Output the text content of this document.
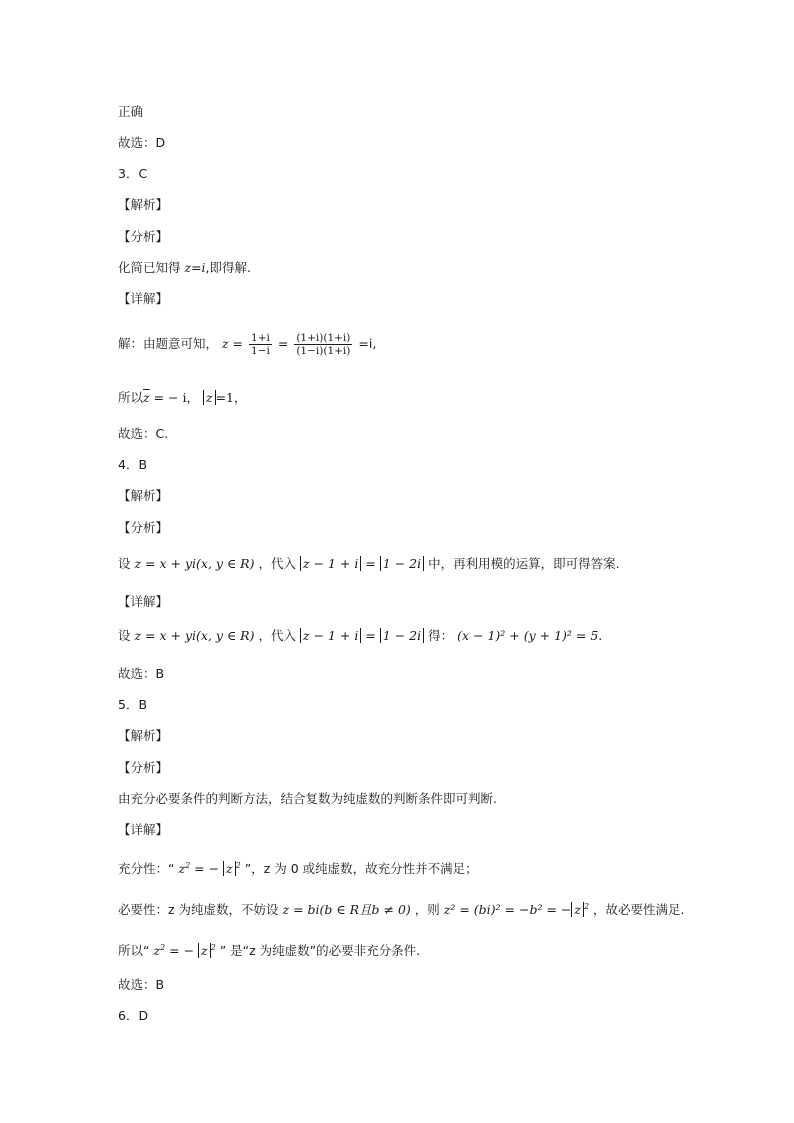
正确
故选：D
3．C
【解析】
【分析】
化简已知得 z=i,即得解.
【详解】
解：由题意可知， $z = \frac{1+i}{1-i} = \frac{(1+i)(1+i)}{(1-i)(1+i)} =i$,
所以$\overline{z}$ = − i， z =1，
故选：C.
4．B
【解析】
【分析】
设 z = x + yi(x, y ∈ R) ，代入 z − 1 + i = 1 − 2i 中，再利用模的运算，即可得答案.
【详解】
设 z = x + yi(x, y ∈ R) ，代入 z − 1 + i = 1 − 2i 得： (x − 1)² + (y + 1)² = 5.
故选：B
5．B
【解析】
【分析】
由充分必要条件的判断方法，结合复数为纯虚数的判断条件即可判断.
【详解】
充分性：“ $z^2$ = − z $^2$ ”，z 为 0 或纯虚数，故充分性并不满足；
必要性：z 为纯虚数，不妨设 z = bi(b ∈ R且b ≠ 0) ，则 z² = (bi)² = −b² = − z $^2$ ，故必要性满足.
所以“ $z^2$ = − z $^2$ ” 是“z 为纯虚数”的必要非充分条件.
故选：B
6．D
